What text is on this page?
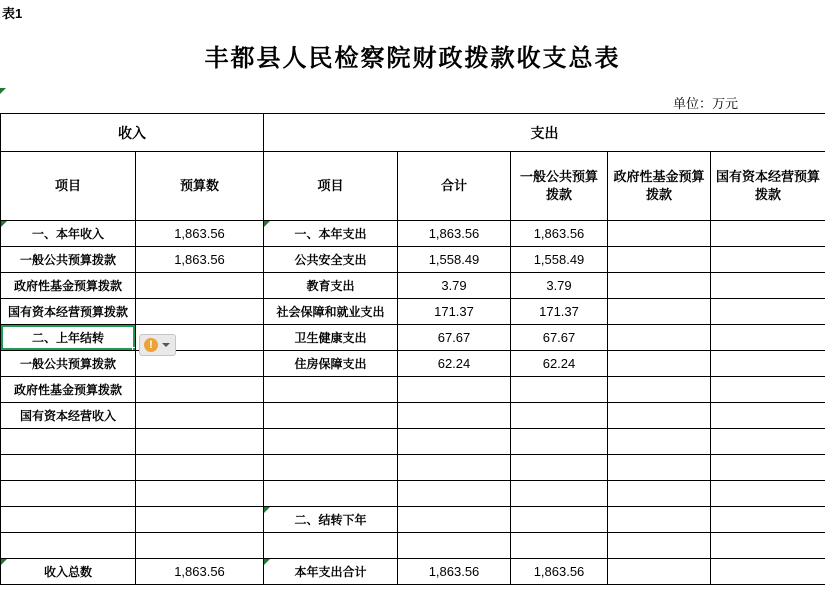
表1
丰都县人民检察院财政拨款收支总表
单位：万元
收入		支出				
项目	预算数	项目	合计	一般公共预算拨款	政府性基金预算拨款	国有资本经营预算拨款
一、本年收入	1,863.56	一、本年支出	1,863.56	1,863.56		
一般公共预算拨款	1,863.56	公共安全支出	1,558.49	1,558.49		
政府性基金预算拨款		教育支出	3.79	3.79		
国有资本经营预算拨款		社会保障和就业支出	171.37	171.37		
二、上年结转		卫生健康支出	67.67	67.67		
一般公共预算拨款		住房保障支出	62.24	62.24		
政府性基金预算拨款						
国有资本经营收入						

		二、结转下年

收入总数	1,863.56	本年支出合计	1,863.56	1,863.56		
!
